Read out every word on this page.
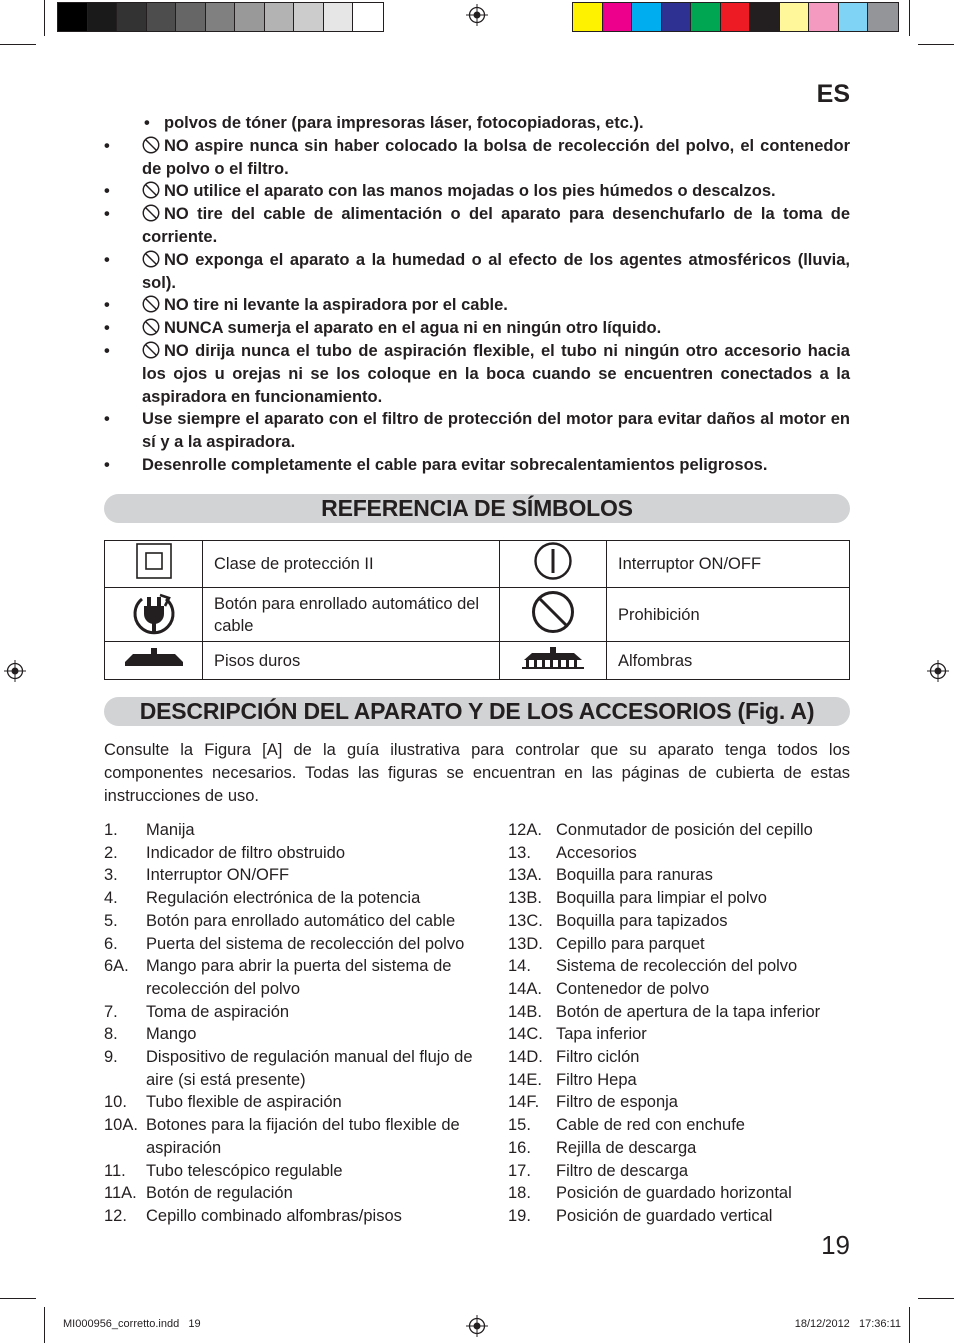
ES
• polvos de tóner (para impresoras láser, fotocopiadoras, etc.).
•	NO aspire nunca sin haber colocado la bolsa de recolección del polvo, el contenedor de polvo o el filtro.
•	NO utilice el aparato con las manos mojadas o los pies húmedos o descalzos.
•	NO tire del cable de alimentación o del aparato para desenchufarlo de la toma de corriente.
•	NO exponga el aparato a la humedad o al efecto de los agentes atmosféricos (lluvia, sol).
•	NO tire ni levante la aspiradora por el cable.
•	NUNCA sumerja el aparato en el agua ni en ningún otro líquido.
•	NO dirija nunca el tubo de aspiración flexible, el tubo ni ningún otro accesorio hacia los ojos u orejas ni se los coloque en la boca cuando se encuentren conectados a la aspiradora en funcionamiento.
• Use siempre el aparato con el filtro de protección del motor para evitar daños al motor en sí y a la aspiradora.
• Desenrolle completamente el cable para evitar sobrecalentamientos peligrosos.
REFERENCIA DE SÍMBOLOS
	Clase de protección II		Interruptor ON/OFF
	Botón para enrollado automático del cable		Prohibición
	Pisos duros		Alfombras
DESCRIPCIÓN DEL APARATO Y DE LOS ACCESORIOS (Fig. A)
Consulte la Figura [A] de la guía ilustrativa para controlar que su aparato tenga todos los componentes necesarios. Todas las figuras se encuentran en las páginas de cubierta de estas instrucciones de uso.
1. Manija
2. Indicador de filtro obstruido
3. Interruptor ON/OFF
4. Regulación electrónica de la potencia
5. Botón para enrollado automático del cable
6. Puerta del sistema de recolección del polvo
6A. Mango para abrir la puerta del sistema de recolección del polvo
7. Toma de aspiración
8. Mango
9. Dispositivo de regulación manual del flujo de aire (si está presente)
10. Tubo flexible de aspiración
10A. Botones para la fijación del tubo flexible de aspiración
11. Tubo telescópico regulable
11A. Botón de regulación
12. Cepillo combinado alfombras/pisos
12A. Conmutador de posición del cepillo
13. Accesorios
13A. Boquilla para ranuras
13B. Boquilla para limpiar el polvo
13C. Boquilla para tapizados
13D. Cepillo para parquet
14. Sistema de recolección del polvo
14A. Contenedor de polvo
14B. Botón de apertura de la tapa inferior
14C. Tapa inferior
14D. Filtro ciclón
14E. Filtro Hepa
14F. Filtro de esponja
15. Cable de red con enchufe
16. Rejilla de descarga
17. Filtro de descarga
18. Posición de guardado horizontal
19. Posición de guardado vertical
19
MI000956_corretto.indd 19	18/12/2012 17:36:11
